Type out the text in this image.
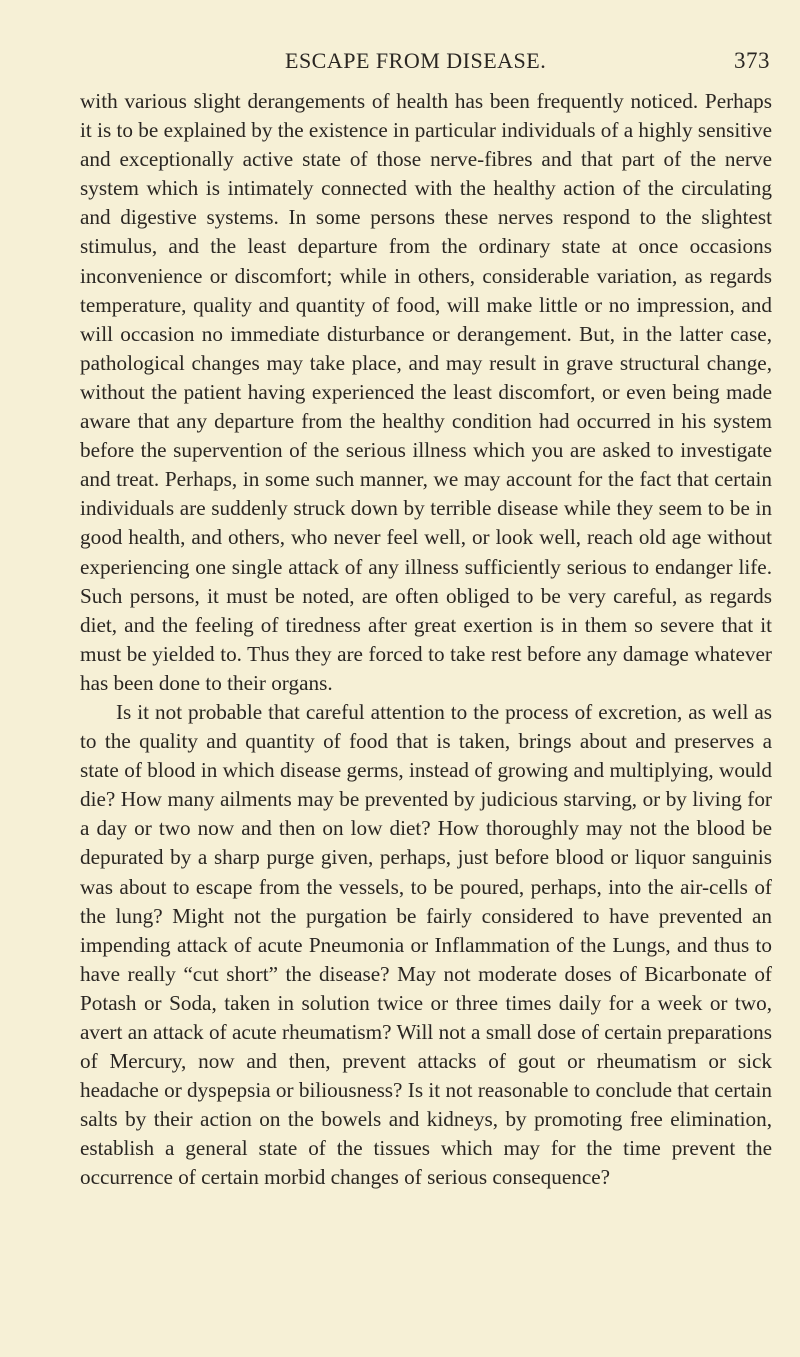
ESCAPE FROM DISEASE.	373

with various slight derangements of health has been frequently noticed. Perhaps it is to be explained by the existence in particular individuals of a highly sensitive and exceptionally active state of those nerve-fibres and that part of the nerve system which is intimately connected with the healthy action of the circulating and digestive systems. In some persons these nerves respond to the slightest stimulus, and the least departure from the ordinary state at once occasions inconvenience or discomfort; while in others, considerable variation, as regards temperature, quality and quantity of food, will make little or no impression, and will occasion no immediate disturbance or derangement. But, in the latter case, pathological changes may take place, and may result in grave structural change, without the patient having experienced the least discomfort, or even being made aware that any departure from the healthy condition had occurred in his system before the supervention of the serious illness which you are asked to investigate and treat. Perhaps, in some such manner, we may account for the fact that certain individuals are suddenly struck down by terrible disease while they seem to be in good health, and others, who never feel well, or look well, reach old age without experiencing one single attack of any illness sufficiently serious to endanger life. Such persons, it must be noted, are often obliged to be very careful, as regards diet, and the feeling of tiredness after great exertion is in them so severe that it must be yielded to. Thus they are forced to take rest before any damage whatever has been done to their organs.

Is it not probable that careful attention to the process of excretion, as well as to the quality and quantity of food that is taken, brings about and preserves a state of blood in which disease germs, instead of growing and multiplying, would die? How many ailments may be prevented by judicious starving, or by living for a day or two now and then on low diet? How thoroughly may not the blood be depurated by a sharp purge given, perhaps, just before blood or liquor sanguinis was about to escape from the vessels, to be poured, perhaps, into the air-cells of the lung? Might not the purgation be fairly considered to have prevented an impending attack of acute Pneumonia or Inflammation of the Lungs, and thus to have really “cut short” the disease? May not moderate doses of Bicarbonate of Potash or Soda, taken in solution twice or three times daily for a week or two, avert an attack of acute rheumatism? Will not a small dose of certain preparations of Mercury, now and then, prevent attacks of gout or rheumatism or sick headache or dyspepsia or biliousness? Is it not reasonable to conclude that certain salts by their action on the bowels and kidneys, by promoting free elimination, establish a general state of the tissues which may for the time prevent the occurrence of certain morbid changes of serious consequence?
